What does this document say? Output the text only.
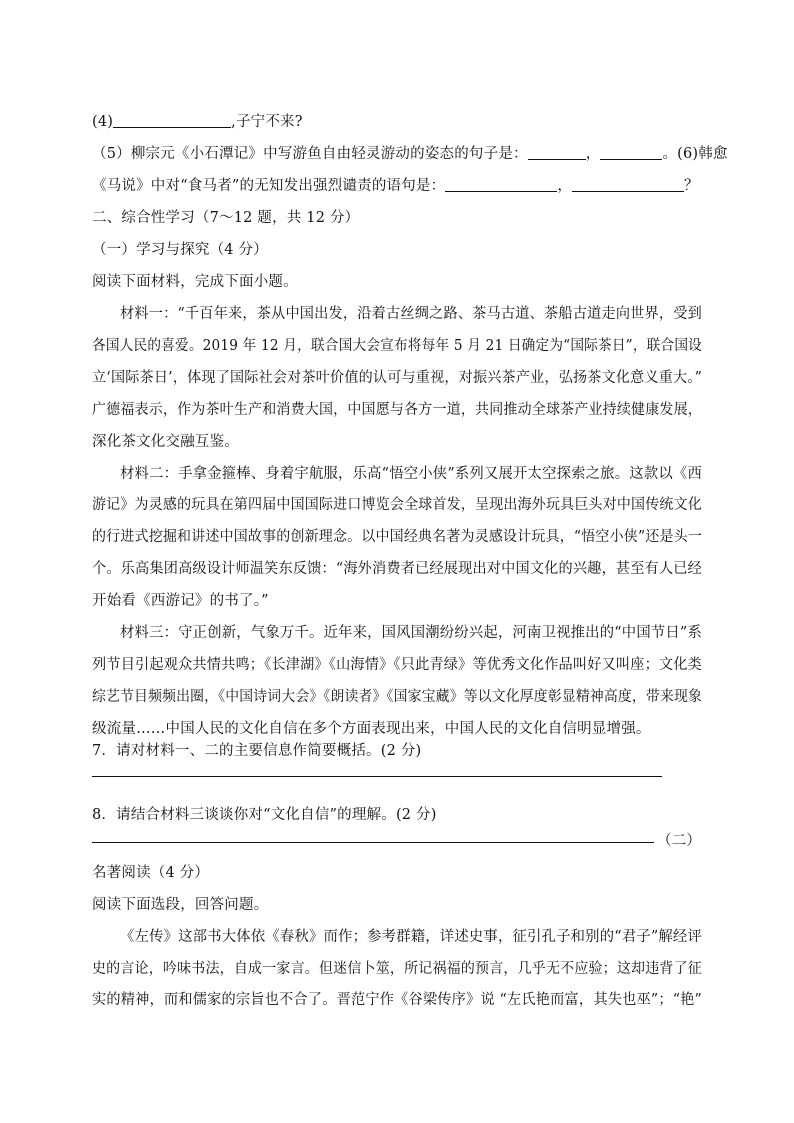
(4)	,子宁不来?
（5）柳宗元《小石潭记》中写游鱼自由轻灵游动的姿态的句子是：	，	。(6)韩愈
《马说》中对“食马者”的无知发出强烈谴责的语句是：	，	？
二、综合性学习（7～12 题，共 12 分）
（一）学习与探究（4 分）
阅读下面材料，完成下面小题。
材料一：“千百年来，茶从中国出发，沿着古丝绸之路、茶马古道、茶船古道走向世界，受到
各国人民的喜爱。2019 年 12 月，联合国大会宣布将每年 5 月 21 日确定为“国际茶日”，联合国设
立‘国际茶日’，体现了国际社会对茶叶价值的认可与重视，对振兴茶产业，弘扬茶文化意义重大。”
广德福表示，作为茶叶生产和消费大国，中国愿与各方一道，共同推动全球茶产业持续健康发展，
深化茶文化交融互鉴。
材料二：手拿金箍棒、身着宇航服，乐高“悟空小侠”系列又展开太空探索之旅。这款以《西
游记》为灵感的玩具在第四届中国国际进口博览会全球首发，呈现出海外玩具巨头对中国传统文化
的行进式挖掘和讲述中国故事的创新理念。以中国经典名著为灵感设计玩具，“悟空小侠”还是头一
个。乐高集团高级设计师温笑东反馈：“海外消费者已经展现出对中国文化的兴趣，甚至有人已经
开始看《西游记》的书了。”
材料三：守正创新，气象万千。近年来，国风国潮纷纷兴起，河南卫视推出的“中国节日”系
列节目引起观众共情共鸣；《长津湖》《山海情》《只此青绿》等优秀文化作品叫好又叫座；文化类
综艺节目频频出圈，《中国诗词大会》《朗读者》《国家宝藏》等以文化厚度彰显精神高度，带来现象
级流量……中国人民的文化自信在多个方面表现出来，中国人民的文化自信明显增强。
7．请对材料一、二的主要信息作简要概括。(2 分)
8．请结合材料三谈谈你对“文化自信”的理解。(2 分)
（二）
名著阅读（4 分）
阅读下面选段，回答问题。
《左传》这部书大体依《春秋》而作；参考群籍，详述史事，征引孔子和别的“君子”解经评
史的言论，吟味书法，自成一家言。但迷信卜筮，所记祸福的预言，几乎无不应验；这却违背了征
实的精神，而和儒家的宗旨也不合了。晋范宁作《谷梁传序》说 “左氏艳而富，其失也巫”；“艳”
